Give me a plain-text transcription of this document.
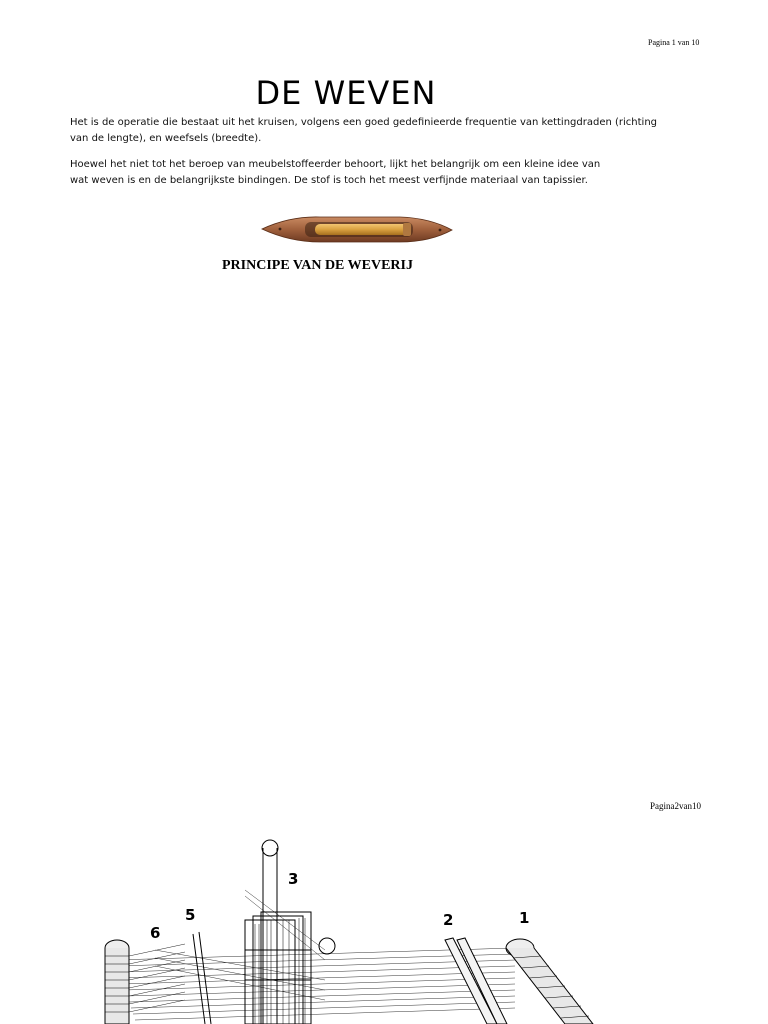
Pagina 1 van 10
DE WEVEN
Het is de operatie die bestaat uit het kruisen, volgens een goed gedefinieerde frequentie van kettingdraden (richting van de lengte), en weefsels (breedte).
Hoewel het niet tot het beroep van meubelstoffeerder behoort, lijkt het belangrijk om een kleine idee van wat weven is en de belangrijkste bindingen. De stof is toch het meest verfijnde materiaal van tapissier.
PRINCIPE VAN DE WEVERIJ
Pagina2van10
3
5
6
2	1
